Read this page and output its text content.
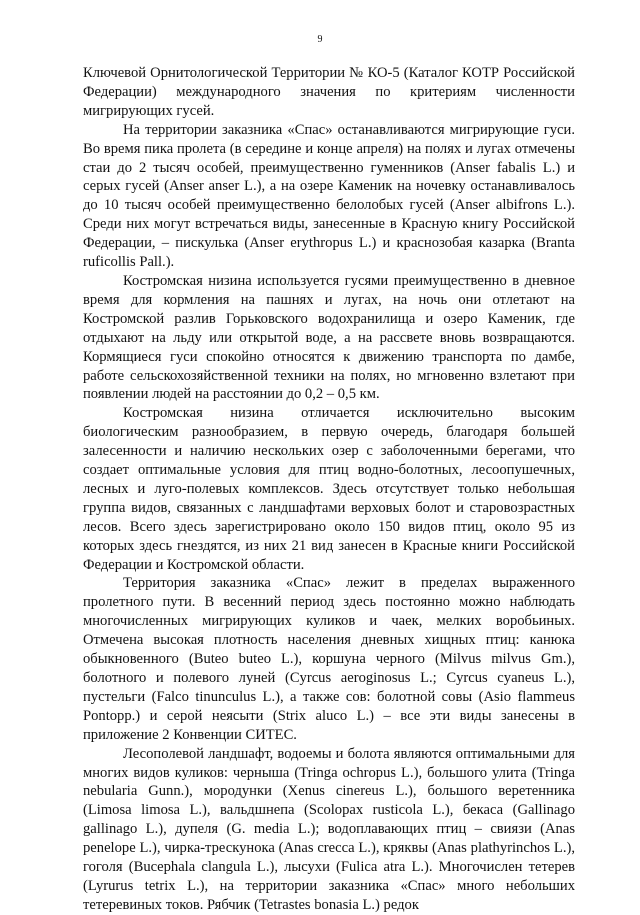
9

Ключевой Орнитологической Территории № КО-5 (Каталог КОТР Российской Федерации) международного значения по критериям численности мигрирующих гусей.

На территории заказника «Спас» останавливаются мигрирующие гуси. Во время пика пролета (в середине и конце апреля) на полях и лугах отмечены стаи до 2 тысяч особей, преимущественно гуменников (Anser fabalis L.) и серых гусей (Anser anser L.), а на озере Каменик на ночевку останавливалось до 10 тысяч особей преимущественно белолобых гусей (Anser albifrons L.). Среди них могут встречаться виды, занесенные в Красную книгу Российской Федерации, – пискулька (Anser erythropus L.) и краснозобая казарка (Branta ruficollis Pall.).

Костромская низина используется гусями преимущественно в дневное время для кормления на пашнях и лугах, на ночь они отлетают на Костромской разлив Горьковского водохранилища и озеро Каменик, где отдыхают на льду или открытой воде, а на рассвете вновь возвращаются. Кормящиеся гуси спокойно относятся к движению транспорта по дамбе, работе сельскохозяйственной техники на полях, но мгновенно взлетают при появлении людей на расстоянии до 0,2 – 0,5 км.

Костромская низина отличается исключительно высоким биологическим разнообразием, в первую очередь, благодаря большей залесенности и наличию нескольких озер с заболоченными берегами, что создает оптимальные условия для птиц водно-болотных, лесоопушечных, лесных и луго-полевых комплексов. Здесь отсутствует только небольшая группа видов, связанных с ландшафтами верховых болот и старовозрастных лесов. Всего здесь зарегистрировано около 150 видов птиц, около 95 из которых здесь гнездятся, из них 21 вид занесен в Красные книги Российской Федерации и Костромской области.

Территория заказника «Спас» лежит в пределах выраженного пролетного пути. В весенний период здесь постоянно можно наблюдать многочисленных мигрирующих куликов и чаек, мелких воробьиных. Отмечена высокая плотность населения дневных хищных птиц: канюка обыкновенного (Buteo buteo L.), коршуна черного (Milvus milvus Gm.), болотного и полевого луней (Cyrcus aeroginosus L.; Cyrcus cyaneus L.), пустельги (Falco tinunculus L.), а также сов: болотной совы (Asio flammeus Pontopp.) и серой неясыти (Strix aluco L.) – все эти виды занесены в приложение 2 Конвенции СИТЕС.

Лесополевой ландшафт, водоемы и болота являются оптимальными для многих видов куликов: черныша (Tringa ochropus L.), большого улита (Tringa nebularia Gunn.), мородунки (Xenus cinereus L.), большого веретенника (Limosa limosa L.), вальдшнепа (Scolopax rusticola L.), бекаса (Gallinago gallinago L.), дупеля (G. media L.); водоплавающих птиц – свиязи (Anas penelope L.), чирка-трескунока (Anas crecca L.), кряквы (Anas plathyrinchos L.), гоголя (Bucephala clangula L.), лысухи (Fulica atra L.). Многочислен тетерев (Lyrurus tetrix L.), на территории заказника «Спас» много небольших тетеревиных токов. Рябчик (Tetrastes bonasia L.) редок
